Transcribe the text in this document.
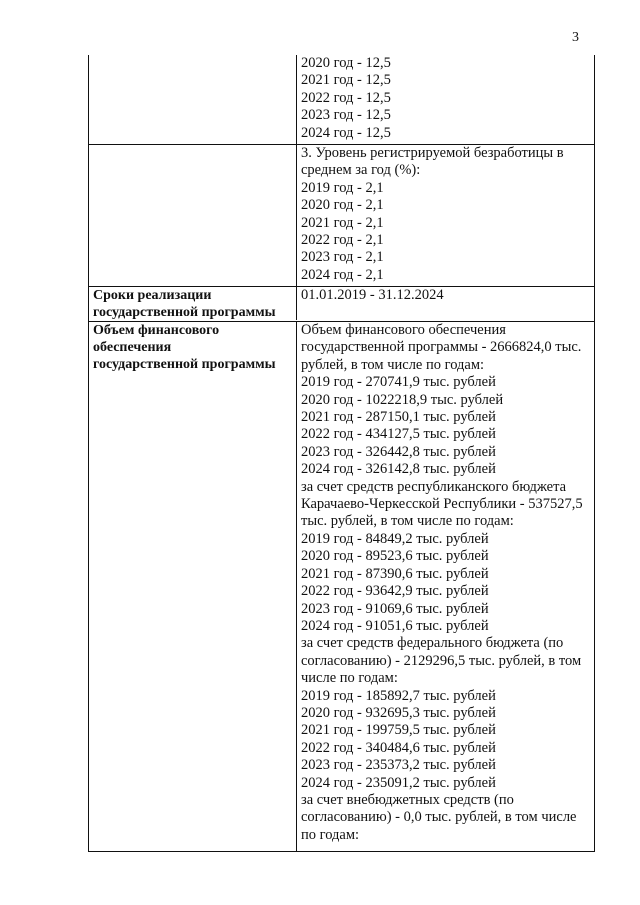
3
2020 год - 12,5
2021 год - 12,5
2022 год - 12,5
2023 год - 12,5
2024 год - 12,5
3. Уровень регистрируемой безработицы в
среднем за год (%):
2019 год - 2,1
2020 год - 2,1
2021 год - 2,1
2022 год - 2,1
2023 год - 2,1
2024 год - 2,1
Сроки реализации
государственной программы
01.01.2019 - 31.12.2024
Объем финансового
обеспечения
государственной программы
Объем финансового обеспечения
государственной программы - 2666824,0 тыс.
рублей, в том числе по годам:
2019 год - 270741,9 тыс. рублей
2020 год - 1022218,9 тыс. рублей
2021 год - 287150,1 тыс. рублей
2022 год - 434127,5 тыс. рублей
2023 год - 326442,8 тыс. рублей
2024 год - 326142,8 тыс. рублей
за счет средств республиканского бюджета
Карачаево-Черкесской Республики - 537527,5
тыс. рублей, в том числе по годам:
2019 год - 84849,2 тыс. рублей
2020 год - 89523,6 тыс. рублей
2021 год - 87390,6 тыс. рублей
2022 год - 93642,9 тыс. рублей
2023 год - 91069,6 тыс. рублей
2024 год - 91051,6 тыс. рублей
за счет средств федерального бюджета (по
согласованию) - 2129296,5 тыс. рублей, в том
числе по годам:
2019 год - 185892,7 тыс. рублей
2020 год - 932695,3 тыс. рублей
2021 год - 199759,5 тыс. рублей
2022 год - 340484,6 тыс. рублей
2023 год - 235373,2 тыс. рублей
2024 год - 235091,2 тыс. рублей
за счет внебюджетных средств (по
согласованию) - 0,0 тыс. рублей, в том числе
по годам:
